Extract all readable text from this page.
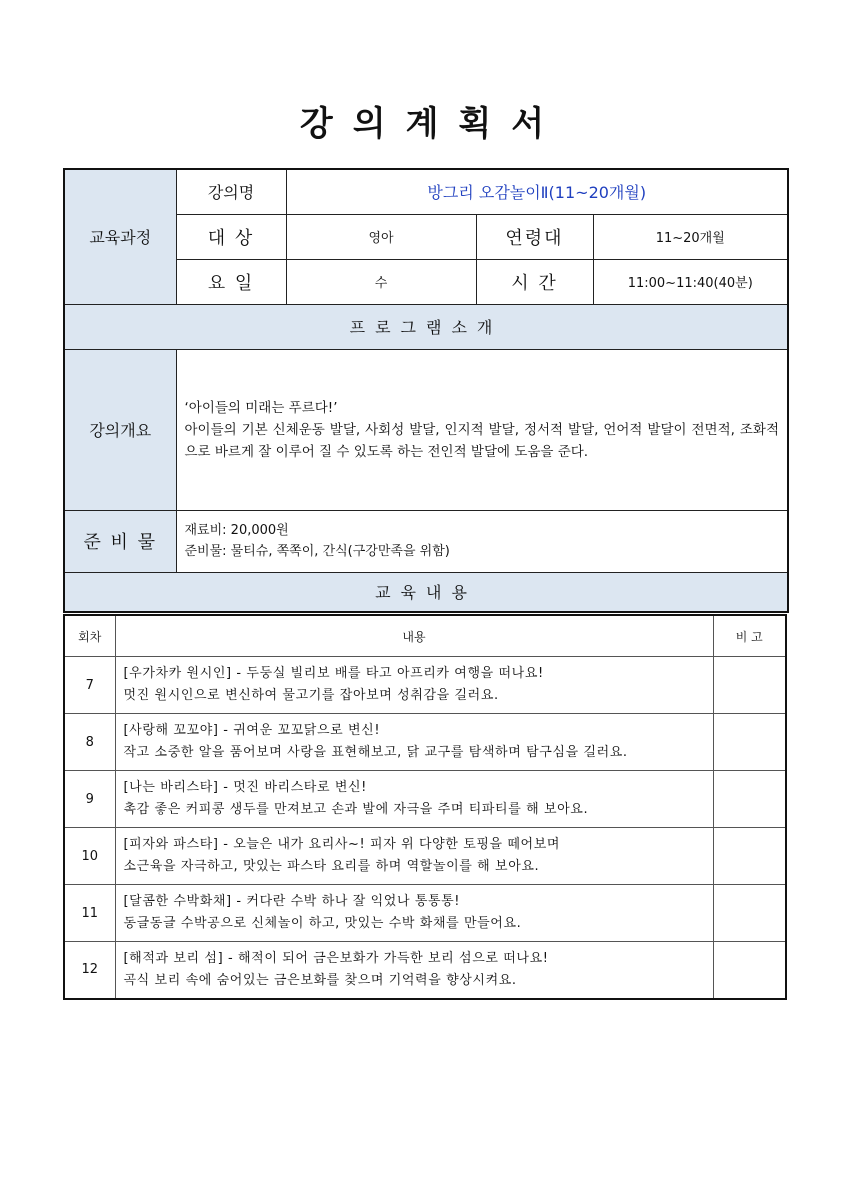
강 의 계 획 서
교육과정	강의명	방그리 오감놀이Ⅱ(11~20개월)		
	대 상	영아	연령대	11~20개월
	요 일	수	시 간	11:00~11:40(40분)
프로그램소개				
강의개요	‘아이들의 미래는 푸르다!’
아이들의 기본 신체운동 발달, 사회성 발달, 인지적 발달, 정서적 발달, 언어적 발달이 전면적, 조화적으로 바르게 잘 이루어 질 수 있도록 하는 전인적 발달에 도움을 준다.			

준 비 물	재료비: 20,000원
준비물: 물티슈, 쪽쪽이, 간식(구강만족을 위함)			

교육내용				
회차	내용	비 고
7	[우가차카 원시인] - 두둥실 빌리보 배를 타고 아프리카 여행을 떠나요!
멋진 원시인으로 변신하여 물고기를 잡아보며 성취감을 길러요.	

8	[사랑해 꼬꼬야] - 귀여운 꼬꼬닭으로 변신!
작고 소중한 알을 품어보며 사랑을 표현해보고, 닭 교구를 탐색하며 탐구심을 길러요.	

9	[나는 바리스타] - 멋진 바리스타로 변신!
촉감 좋은 커피콩 생두를 만져보고 손과 발에 자극을 주며 티파티를 해 보아요.	

10	[피자와 파스타] - 오늘은 내가 요리사~! 피자 위 다양한 토핑을 떼어보며
소근육을 자극하고, 맛있는 파스타 요리를 하며 역할놀이를 해 보아요.	

11	[달콤한 수박화채] - 커다란 수박 하나 잘 익었나 통통통!
동글동글 수박공으로 신체놀이 하고, 맛있는 수박 화채를 만들어요.	

12	[해적과 보리 섬] - 해적이 되어 금은보화가 가득한 보리 섬으로 떠나요!
곡식 보리 속에 숨어있는 금은보화를 찾으며 기억력을 향상시켜요.	
